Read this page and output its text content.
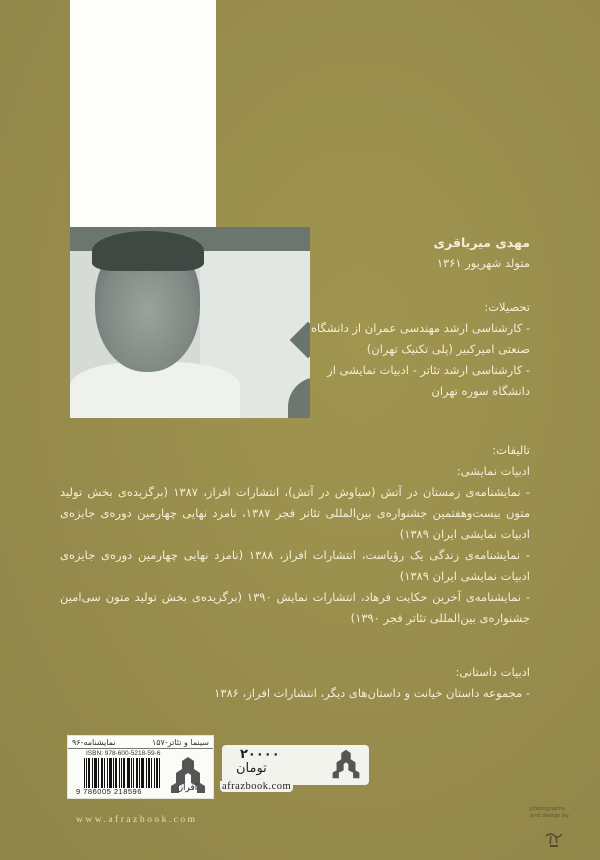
مهدی میرباقری
متولد شهریور ۱۳۶۱
تحصیلات:
- کارشناسی ارشد مهندسی عمران از دانشگاه صنعتی امیرکبیر (پلی تکنیک تهران)
- کارشناسی ارشد تئاتر - ادبیات نمایشی از دانشگاه سوره تهران
تالیفات:
ادبیات نمایشی:
- نمایشنامه‌ی زمستان در آتش (سیاوش در آتش)، انتشارات افراز، ۱۳۸۷ (برگزیده‌ی بخش تولید متون بیست‌وهفتمین جشنواره‌ی بین‌المللی تئاتر فجر ۱۳۸۷، نامزد نهایی چهارمین دوره‌ی جایزه‌ی ادبیات نمایشی ایران ۱۳۸۹)
- نمایشنامه‌ی زندگی یک رؤیاست، انتشارات افراز، ۱۳۸۸ (نامزد نهایی چهارمین دوره‌ی جایزه‌ی ادبیات نمایشی ایران ۱۳۸۹)
- نمایشنامه‌ی آخرین حکایت فرهاد، انتشارات نمایش ۱۳۹۰ (برگزیده‌ی بخش تولید متون سی‌امین جشنواره‌ی بین‌المللی تئاتر فجر ۱۳۹۰)
ادبیات داستانی:
- مجموعه داستان خیانت و داستان‌های دیگر، انتشارات افراز، ۱۳۸۶
سینما و تئاتر-۱۵۷
نمایشنامه-۹۶
ISBN: 978-600-5218-59-6
9 786005 218596	افراز
۲۰۰۰۰
تومان
afrazbook.com
www.afrazbook.com
photography
and design by
